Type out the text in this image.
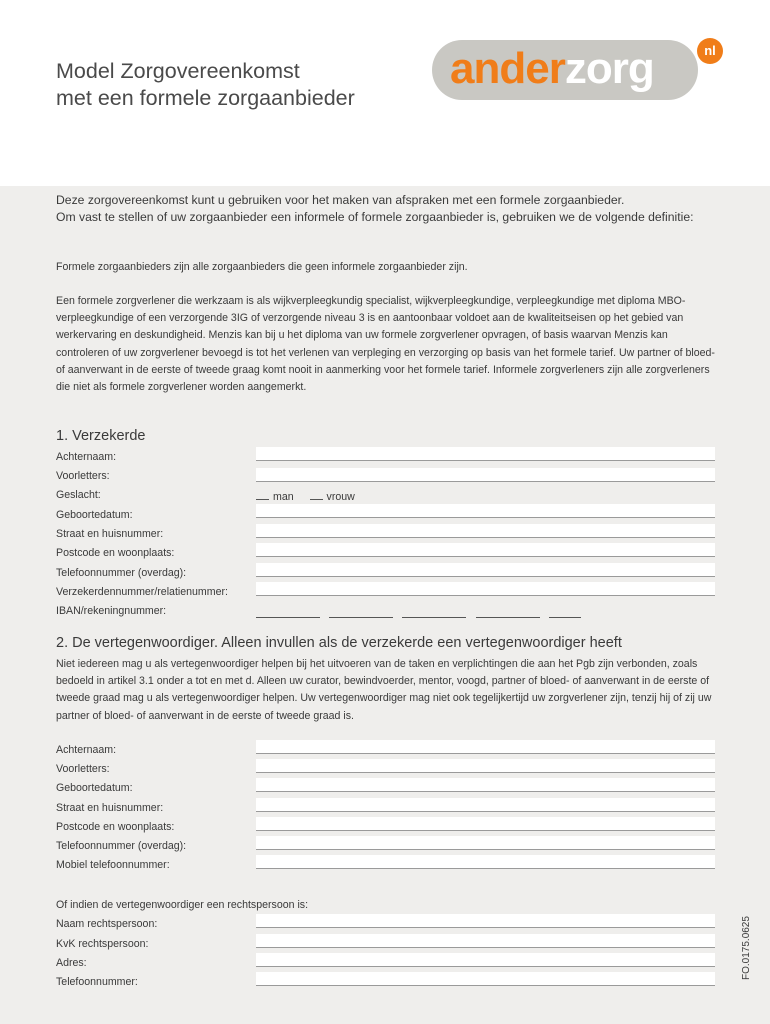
Model Zorgovereenkomst
met een formele zorgaanbieder
anderzorg	nl

Deze zorgovereenkomst kunt u gebruiken voor het maken van afspraken met een formele zorgaanbieder.

Om vast te stellen of uw zorgaanbieder een informele of formele zorgaanbieder is, gebruiken we de volgende definitie:

Formele zorgaanbieders zijn alle zorgaanbieders die geen informele zorgaanbieder zijn.

Een formele zorgverlener die werkzaam is als wijkverpleegkundig specialist, wijkverpleegkundige, verpleegkundige met diploma MBO-verpleegkundige of een verzorgende 3IG of verzorgende niveau 3 is en aantoonbaar voldoet aan de kwaliteitseisen op het gebied van werkervaring en deskundigheid. Menzis kan bij u het diploma van uw formele zorgverlener opvragen, of basis waarvan Menzis kan controleren of uw zorgverlener bevoegd is tot het verlenen van verpleging en verzorging op basis van het formele tarief. Uw partner of bloed- of aanverwant in de eerste of tweede graag komt nooit in aanmerking voor het formele tarief. Informele zorgverleners zijn alle zorgverleners die niet als formele zorgverlener worden aangemerkt.

1. Verzekerde
Achternaam:
Voorletters:
Geslacht:	man	vrouw
Geboortedatum:
Straat en huisnummer:
Postcode en woonplaats:
Telefoonnummer (overdag):
Verzekerdennummer/relatienummer:
IBAN/rekeningnummer:
2. De vertegenwoordiger. Alleen invullen als de verzekerde een vertegenwoordiger heeft

Niet iedereen mag u als vertegenwoordiger helpen bij het uitvoeren van de taken en verplichtingen die aan het Pgb zijn verbonden, zoals bedoeld in artikel 3.1 onder a tot en met d. Alleen uw curator, bewindvoerder, mentor, voogd, partner of bloed- of aanverwant in de eerste of tweede graad mag u als vertegenwoordiger helpen. Uw vertegenwoordiger mag niet ook tegelijkertijd uw zorgverlener zijn, tenzij hij of zij uw partner of bloed- of aanverwant in de eerste of tweede graad is.

Achternaam:
Voorletters:
Geboortedatum:
Straat en huisnummer:
Postcode en woonplaats:
Telefoonnummer (overdag):
Mobiel telefoonnummer:
Of indien de vertegenwoordiger een rechtspersoon is:
Naam rechtspersoon:
KvK rechtspersoon:
Adres:
Telefoonnummer:
FO.0175.0625
